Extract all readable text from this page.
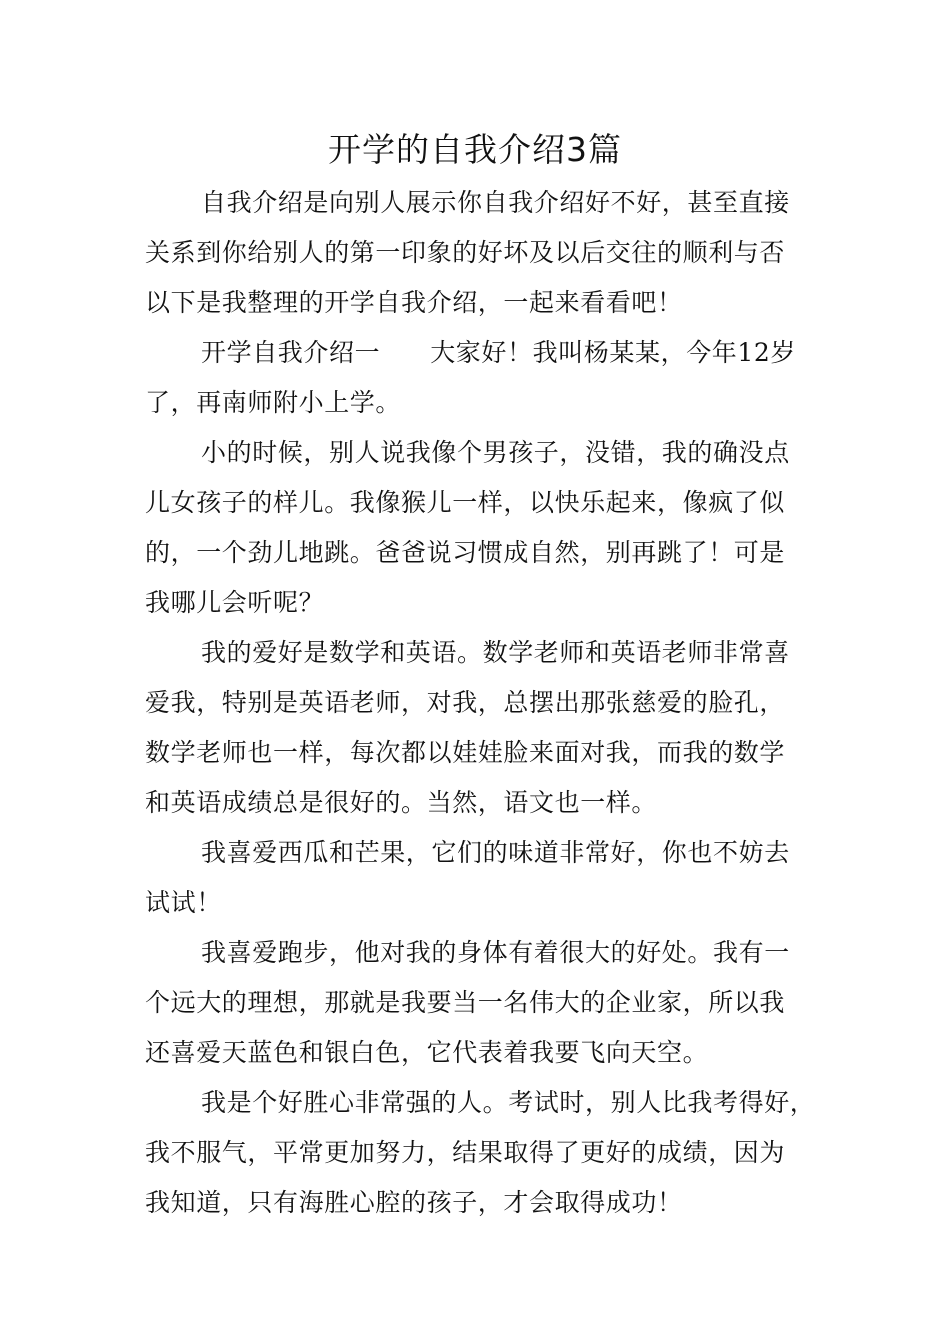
开学的自我介绍3篇

自我介绍是向别人展示你自我介绍好不好，甚至直接
关系到你给别人的第一印象的好坏及以后交往的顺利与否
以下是我整理的开学自我介绍，一起来看看吧！

开学自我介绍一 大家好！我叫杨某某，今年12岁
了，再南师附小上学。

小的时候，别人说我像个男孩子，没错，我的确没点
儿女孩子的样儿。我像猴儿一样，以快乐起来，像疯了似
的，一个劲儿地跳。爸爸说习惯成自然，别再跳了！可是
我哪儿会听呢？

我的爱好是数学和英语。数学老师和英语老师非常喜
爱我，特别是英语老师，对我，总摆出那张慈爱的脸孔，
数学老师也一样，每次都以娃娃脸来面对我，而我的数学
和英语成绩总是很好的。当然，语文也一样。

我喜爱西瓜和芒果，它们的味道非常好，你也不妨去
试试！

我喜爱跑步，他对我的身体有着很大的好处。我有一
个远大的理想，那就是我要当一名伟大的企业家，所以我
还喜爱天蓝色和银白色，它代表着我要飞向天空。

我是个好胜心非常强的人。考试时，别人比我考得好，
我不服气，平常更加努力，结果取得了更好的成绩，因为
我知道，只有海胜心腔的孩子，才会取得成功！
